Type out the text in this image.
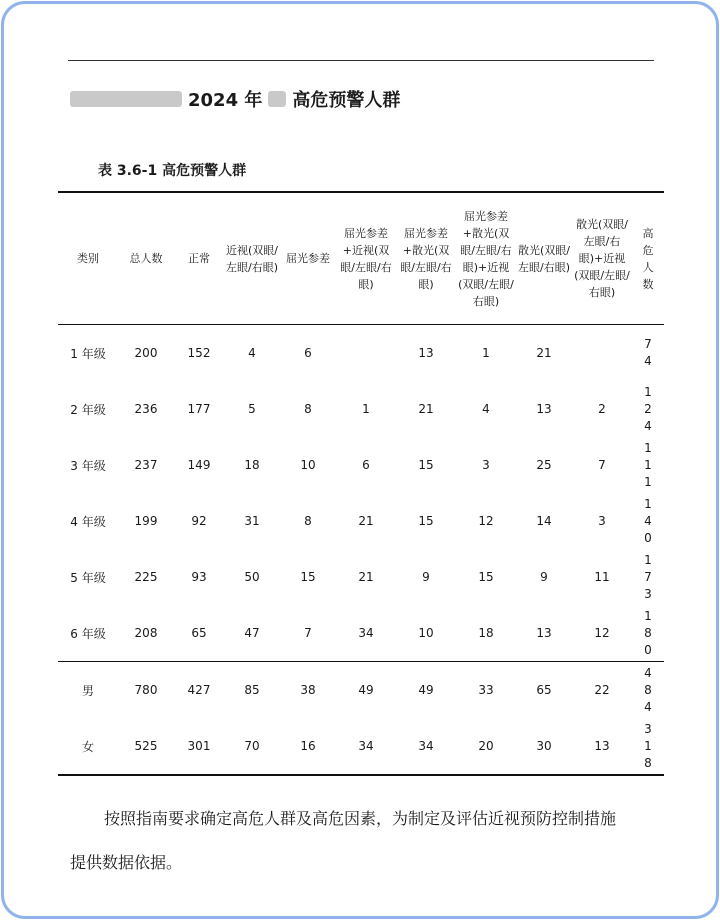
2024 年 高危预警人群
表 3.6-1 高危预警人群
类别	总人数	正常	近视(双眼/左眼/右眼)	屈光参差	屈光参差+近视(双眼/左眼/右眼)	屈光参差+散光(双眼/左眼/右眼)	屈光参差+散光(双眼/左眼/右眼)+近视(双眼/左眼/右眼)	散光(双眼/左眼/右眼)	散光(双眼/左眼/右眼)+近视(双眼/左眼/右眼)	高危人数
1 年级	200	152	4	6		13	1	21		74
2 年级	236	177	5	8	1	21	4	13	2	124
3 年级	237	149	18	10	6	15	3	25	7	111
4 年级	199	92	31	8	21	15	12	14	3	140
5 年级	225	93	50	15	21	9	15	9	11	173
6 年级	208	65	47	7	34	10	18	13	12	180
男	780	427	85	38	49	49	33	65	22	484
女	525	301	70	16	34	34	20	30	13	318
按照指南要求确定高危人群及高危因素，为制定及评估近视预防控制措施
提供数据依据。
